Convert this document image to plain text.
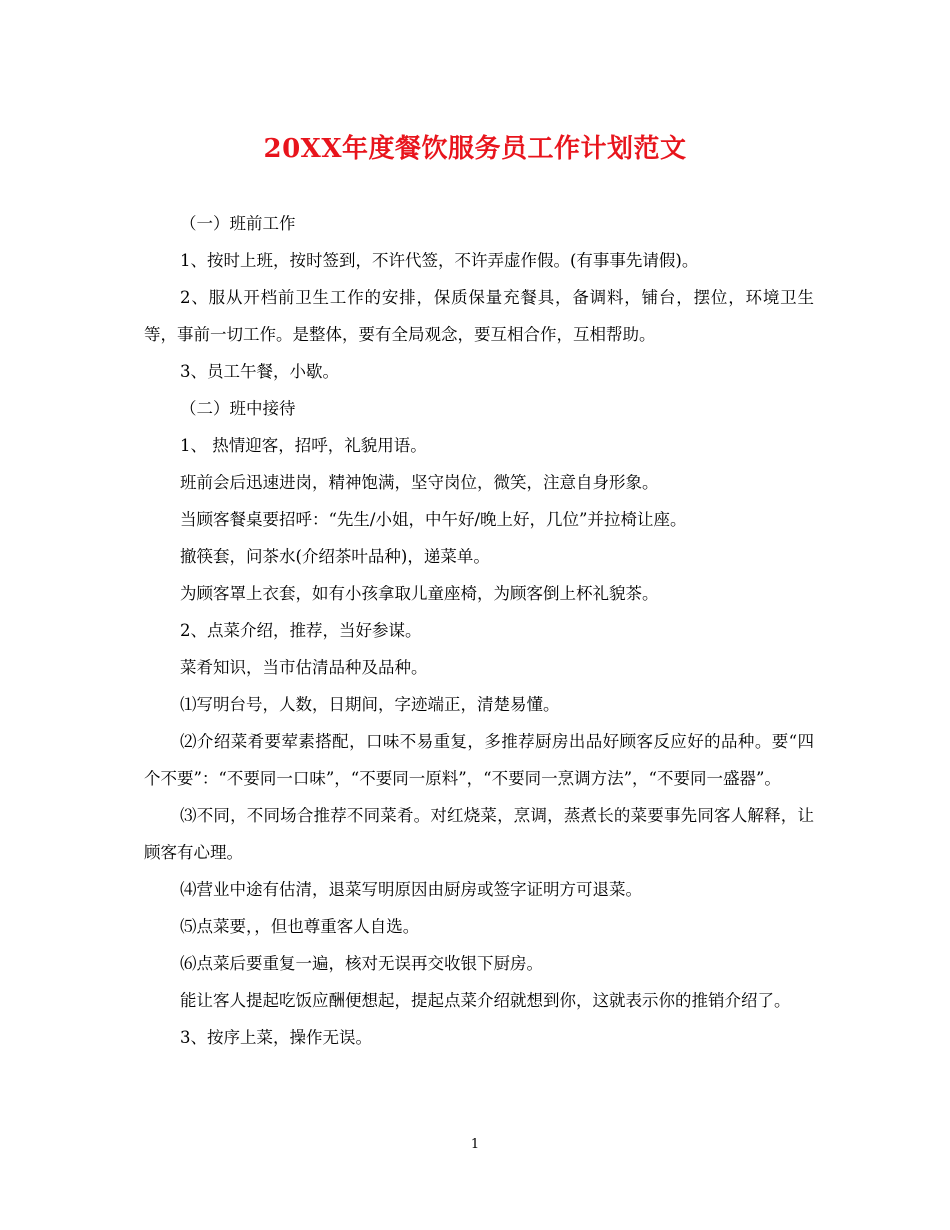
20XX年度餐饮服务员工作计划范文

（一）班前工作

1、按时上班，按时签到，不许代签，不许弄虚作假。(有事事先请假)。

2、服从开档前卫生工作的安排，保质保量充餐具，备调料，铺台，摆位，环境卫生等，事前一切工作。是整体，要有全局观念，要互相合作，互相帮助。

3、员工午餐，小歇。

（二）班中接待

1、 热情迎客，招呼，礼貌用语。

班前会后迅速进岗，精神饱满，坚守岗位，微笑，注意自身形象。

当顾客餐桌要招呼：“先生/小姐，中午好/晚上好，几位”并拉椅让座。

撤筷套，问茶水(介绍茶叶品种)，递菜单。

为顾客罩上衣套，如有小孩拿取儿童座椅，为顾客倒上杯礼貌茶。

2、点菜介绍，推荐，当好参谋。

菜肴知识，当市估清品种及品种。

⑴写明台号，人数，日期间，字迹端正，清楚易懂。

⑵介绍菜肴要荤素搭配，口味不易重复，多推荐厨房出品好顾客反应好的品种。要“四个不要”：“不要同一口味”，“不要同一原料”，“不要同一烹调方法”，“不要同一盛器”。

⑶不同，不同场合推荐不同菜肴。对红烧菜，烹调，蒸煮长的菜要事先同客人解释，让顾客有心理。

⑷营业中途有估清，退菜写明原因由厨房或签字证明方可退菜。

⑸点菜要，，但也尊重客人自选。

⑹点菜后要重复一遍，核对无误再交收银下厨房。

能让客人提起吃饭应酬便想起，提起点菜介绍就想到你，这就表示你的推销介绍了。

3、按序上菜，操作无误。

1
